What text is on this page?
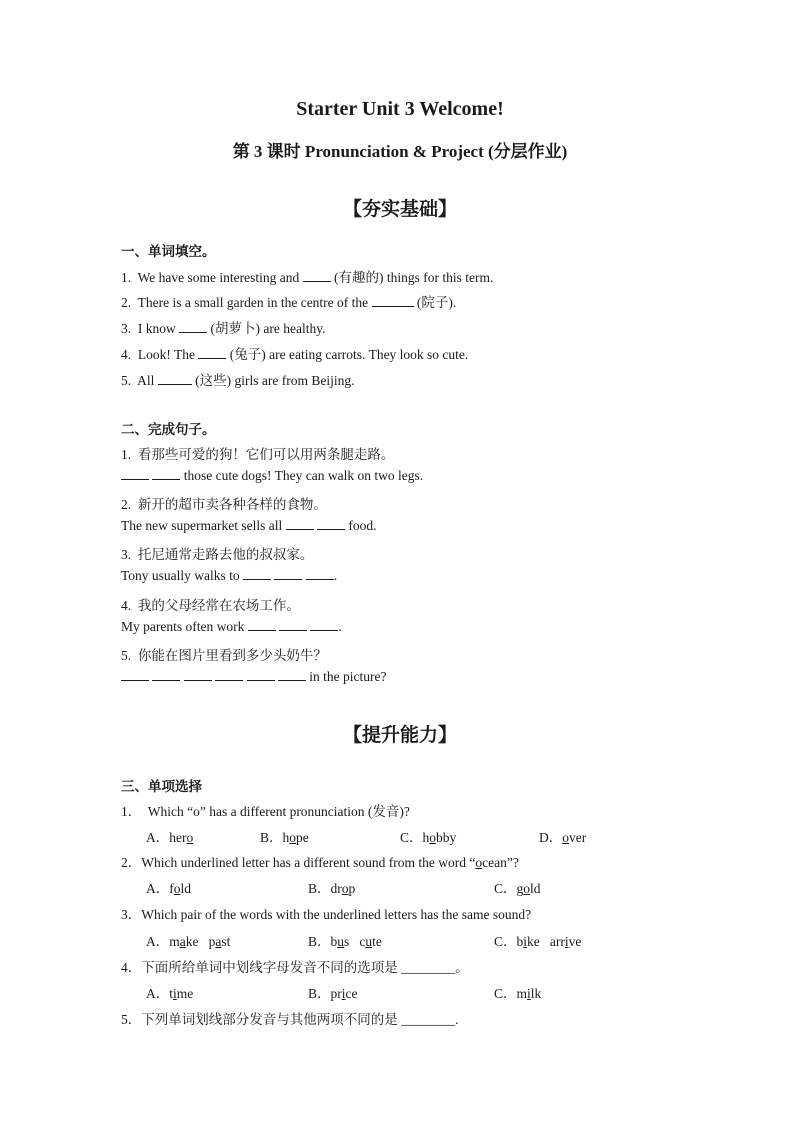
Starter Unit 3 Welcome!
第 3 课时 Pronunciation & Project (分层作业)
【夯实基础】
一、单词填空。
1.  We have some interesting and  (有趣的) things for this term.
2.  There is a small garden in the centre of the	(院子).
3.  I know  (胡萝卜) are healthy.
4.  Look! The  (兔子) are eating carrots. They look so cute.
5.  All	(这些) girls are from Beijing.
二、完成句子。
1.  看那些可爱的狗！它们可以用两条腿走路。
those cute dogs! They can walk on two legs.
2.  新开的超市卖各种各样的食物。
The new supermarket sells all	food.
3.  托尼通常走路去他的叔叔家。
Tony usually walks to	.
4.  我的父母经常在农场工作。
My parents often work	.
5.  你能在图片里看到多少头奶牛？
in the picture?
【提升能力】
三、单项选择
1．  Which “o” has a different pronunciation (发音)?
A．hero	B．hope	C．hobby	D．over
2．Which underlined letter has a different sound from the word “ocean”?
A．fold	B．drop	C．gold
3．Which pair of the words with the underlined letters has the same sound?
A．make   past	B．bus   cute	C．bike   arrive
4．下面所给单词中划线字母发音不同的选项是 ________。
A．time	B．price	C．milk
5．下列单词划线部分发音与其他两项不同的是 ________.
